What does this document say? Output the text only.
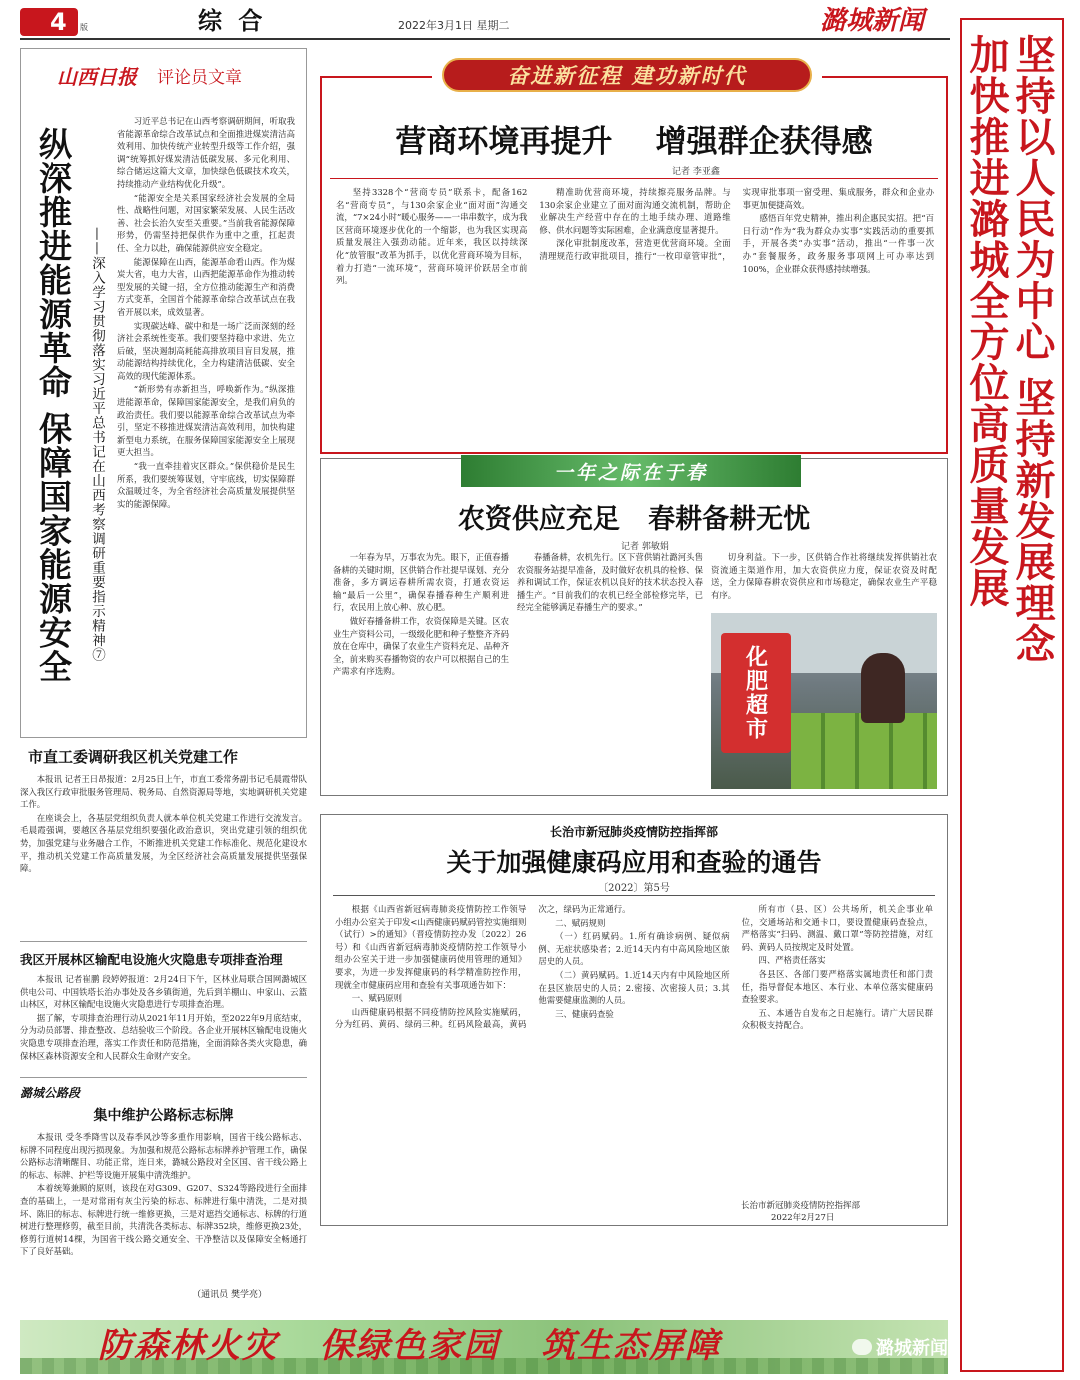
4 版	综 合	2022年3月1日 星期二	潞城新闻
坚持以人民为中心 坚持新发展理念
加快推进潞城全方位高质量发展
山西日报 评论员文章
纵深推进能源革命 保障国家能源安全 ——深入学习贯彻落实习近平总书记在山西考察调研重要指示精神⑦

习近平总书记在山西考察调研期间，听取我省能源革命综合改革试点和全面推进煤炭清洁高效利用、加快传统产业转型升级等工作介绍，强调“统筹抓好煤炭清洁低碳发展、多元化利用、综合储运这篇大文章，加快绿色低碳技术攻关，持续推动产业结构优化升级”。

“能源安全是关系国家经济社会发展的全局性、战略性问题，对国家繁荣发展、人民生活改善、社会长治久安至关重要。”当前我省能源保障形势，仍需坚持把保供作为重中之重，扛起责任、全力以赴，确保能源供应安全稳定。

能源保障在山西，能源革命看山西。作为煤炭大省，电力大省，山西把能源革命作为推动转型发展的关键一招，全方位推动能源生产和消费方式变革，全国首个能源革命综合改革试点在我省开展以来，成效显著。

实现碳达峰、碳中和是一场广泛而深刻的经济社会系统性变革。我们要坚持稳中求进、先立后破，坚决遏制高耗能高排放项目盲目发展，推动能源结构持续优化，全力构建清洁低碳、安全高效的现代能源体系。

“新形势有赤新担当，呼唤新作为。”纵深推进能源革命，保障国家能源安全，是我们肩负的政治责任。我们要以能源革命综合改革试点为牵引，坚定不移推进煤炭清洁高效利用，加快构建新型电力系统，在服务保障国家能源安全上展现更大担当。

“我一直牵挂着灾区群众。”保供稳价是民生所系，我们要统筹谋划，守牢底线，切实保障群众温暖过冬，为全省经济社会高质量发展提供坚实的能源保障。

市直工委调研我区机关党建工作

本报讯 记者王日昂报道：2月25日上午，市直工委常务副书记毛晨霞带队深入我区行政审批服务管理局、税务局、自然资源局等地，实地调研机关党建工作。

在座谈会上，各基层党组织负责人就本单位机关党建工作进行交流发言。毛晨霞强调，要越区各基层党组织要强化政治意识，突出党建引领的组织优势，加强党建与业务融合工作，不断推进机关党建工作标准化、规范化建设水平，推动机关党建工作高质量发展，为全区经济社会高质量发展提供坚强保障。

我区开展林区输配电设施火灾隐患专项排查治理

本报讯 记者崔鹏 段婷婷报道：2月24日下午，区林业局联合国网潞城区供电公司、中国铁塔长治办事处及各乡镇街道，先后到羊棚山、申家山、云篮山林区，对林区输配电设施火灾隐患进行专项排查治理。

据了解，专项排查治理行动从2021年11月开始，至2022年9月底结束，分为动员部署、排查整改、总结验收三个阶段。各企业开展林区输配电设施火灾隐患专项排查治理，落实工作责任和防范措施，全面消除各类火灾隐患，确保林区森林资源安全和人民群众生命财产安全。

潞城公路段
集中维护公路标志标牌

本报讯 受冬季降雪以及春季风沙等多重作用影响，国省干线公路标志、标牌不同程度出现污损现象。为加强和规范公路标志标牌养护管理工作，确保公路标志清晰醒目、功能正常，连日来，潞城公路段对全区国、省干线公路上的标志、标牌、护栏等设施开展集中清洗维护。

本着统筹兼顾的原则，该段在对G309、G207、S324等路段进行全面排查的基础上，一是对常雨有灰尘污染的标志、标牌进行集中清洗，二是对损坏、陈旧的标志、标牌进行统一维修更换，三是对遮挡交通标志、标牌的行道树进行整理修剪，截至目前，共清洗各类标志、标牌352块，维修更换23处，修剪行道树14棵，为国省干线公路交通安全、干净整洁以及保障安全畅通打下了良好基础。

（通讯员 樊学亮）
奋进新征程 建功新时代
营商环境再提升    增强群企获得感
记者 李亚鑫

坚持3328个“营商专员”联系卡，配备162名“营商专员”，与130余家企业“面对面”沟通交流，“7×24小时”暖心服务——一串串数字，成为我区营商环境逐步优化的一个缩影，也为我区实现高质量发展注入强劲动能。近年来，我区以持续深化“放管服”改革为抓手，以优化营商环境为目标，着力打造“一流环境”，营商环境评价跃居全市前列。

精准助优营商环境，持续擦亮服务品牌。与130余家企业建立了面对面沟通交流机制，帮助企业解决生产经营中存在的土地手续办理、道路维修、供水问题等实际困难，企业满意度显著提升。

深化审批制度改革，营造更优营商环境。全面清理规范行政审批项目，推行“一枚印章管审批”，实现审批事项一窗受理、集成服务，群众和企业办事更加便捷高效。

感悟百年党史精神，推出利企惠民实招。把“百日行动”作为“我为群众办实事”实践活动的重要抓手，开展各类“办实事”活动，推出“一件事一次办”套餐服务，政务服务事项网上可办率达到100%，企业群众获得感持续增强。

一年之际在于春
农资供应充足   春耕备耕无忧
记者 郭敏娟

一年春为早，万事农为先。眼下，正值春播备耕的关键时期，区供销合作社提早谋划、充分准备，多方调运春耕所需农资，打通农资运输“最后一公里”，确保春播春种生产顺利进行，农民用上放心种、放心肥。

做好春播备耕工作，农资保障是关键。区农业生产资料公司，一级级化肥和种子整整齐齐码放在仓库中，确保了农业生产资料充足、品种齐全，前来购买春播物资的农户可以根据自己的生产需求有序选购。

春播备耕，农机先行。区下营供销社潞河头售农资服务站提早准备，及时做好农机具的检修、保养和调试工作，保证农机以良好的技术状态投入春播生产。“目前我们的农机已经全部检修完毕，已经完全能够满足春播生产的要求。”

切身利益。下一步，区供销合作社将继续发挥供销社农资流通主渠道作用，加大农资供应力度，保证农资及时配送，全力保障春耕农资供应和市场稳定，确保农业生产平稳有序。

化肥超市
长治市新冠肺炎疫情防控指挥部
关于加强健康码应用和查验的通告
〔2022〕第5号

根据《山西省新冠病毒肺炎疫情防控工作领导小组办公室关于印发<山西健康码赋码管控实施细则（试行）>的通知》（晋疫情防控办发〔2022〕26号）和《山西省新冠病毒肺炎疫情防控工作领导小组办公室关于进一步加强健康码使用管理的通知》要求，为进一步发挥健康码的科学精准防控作用，现就全市健康码应用和查验有关事项通告如下：

一、赋码原则

山西健康码根据不同疫情防控风险实施赋码，分为红码、黄码、绿码三种。红码风险最高，黄码次之，绿码为正常通行。

二、赋码规则

（一）红码赋码。1.所有确诊病例、疑似病例、无症状感染者；2.近14天内有中高风险地区旅居史的人员。

（二）黄码赋码。1.近14天内有中风险地区所在县区旅居史的人员；2.密接、次密接人员；3.其他需要健康监测的人员。

三、健康码查验

所有市（县、区）公共场所，机关企事业单位，交通场站和交通卡口，要设置健康码查验点，严格落实“扫码、测温、戴口罩”等防控措施，对红码、黄码人员按规定及时处置。

四、严格责任落实

各县区、各部门要严格落实属地责任和部门责任，指导督促本地区、本行业、本单位落实健康码查验要求。

五、本通告自发布之日起施行。请广大居民群众积极支持配合。

长治市新冠肺炎疫情防控指挥部
2022年2月27日
防森林火灾   保绿色家园   筑生态屏障	潞城新闻
